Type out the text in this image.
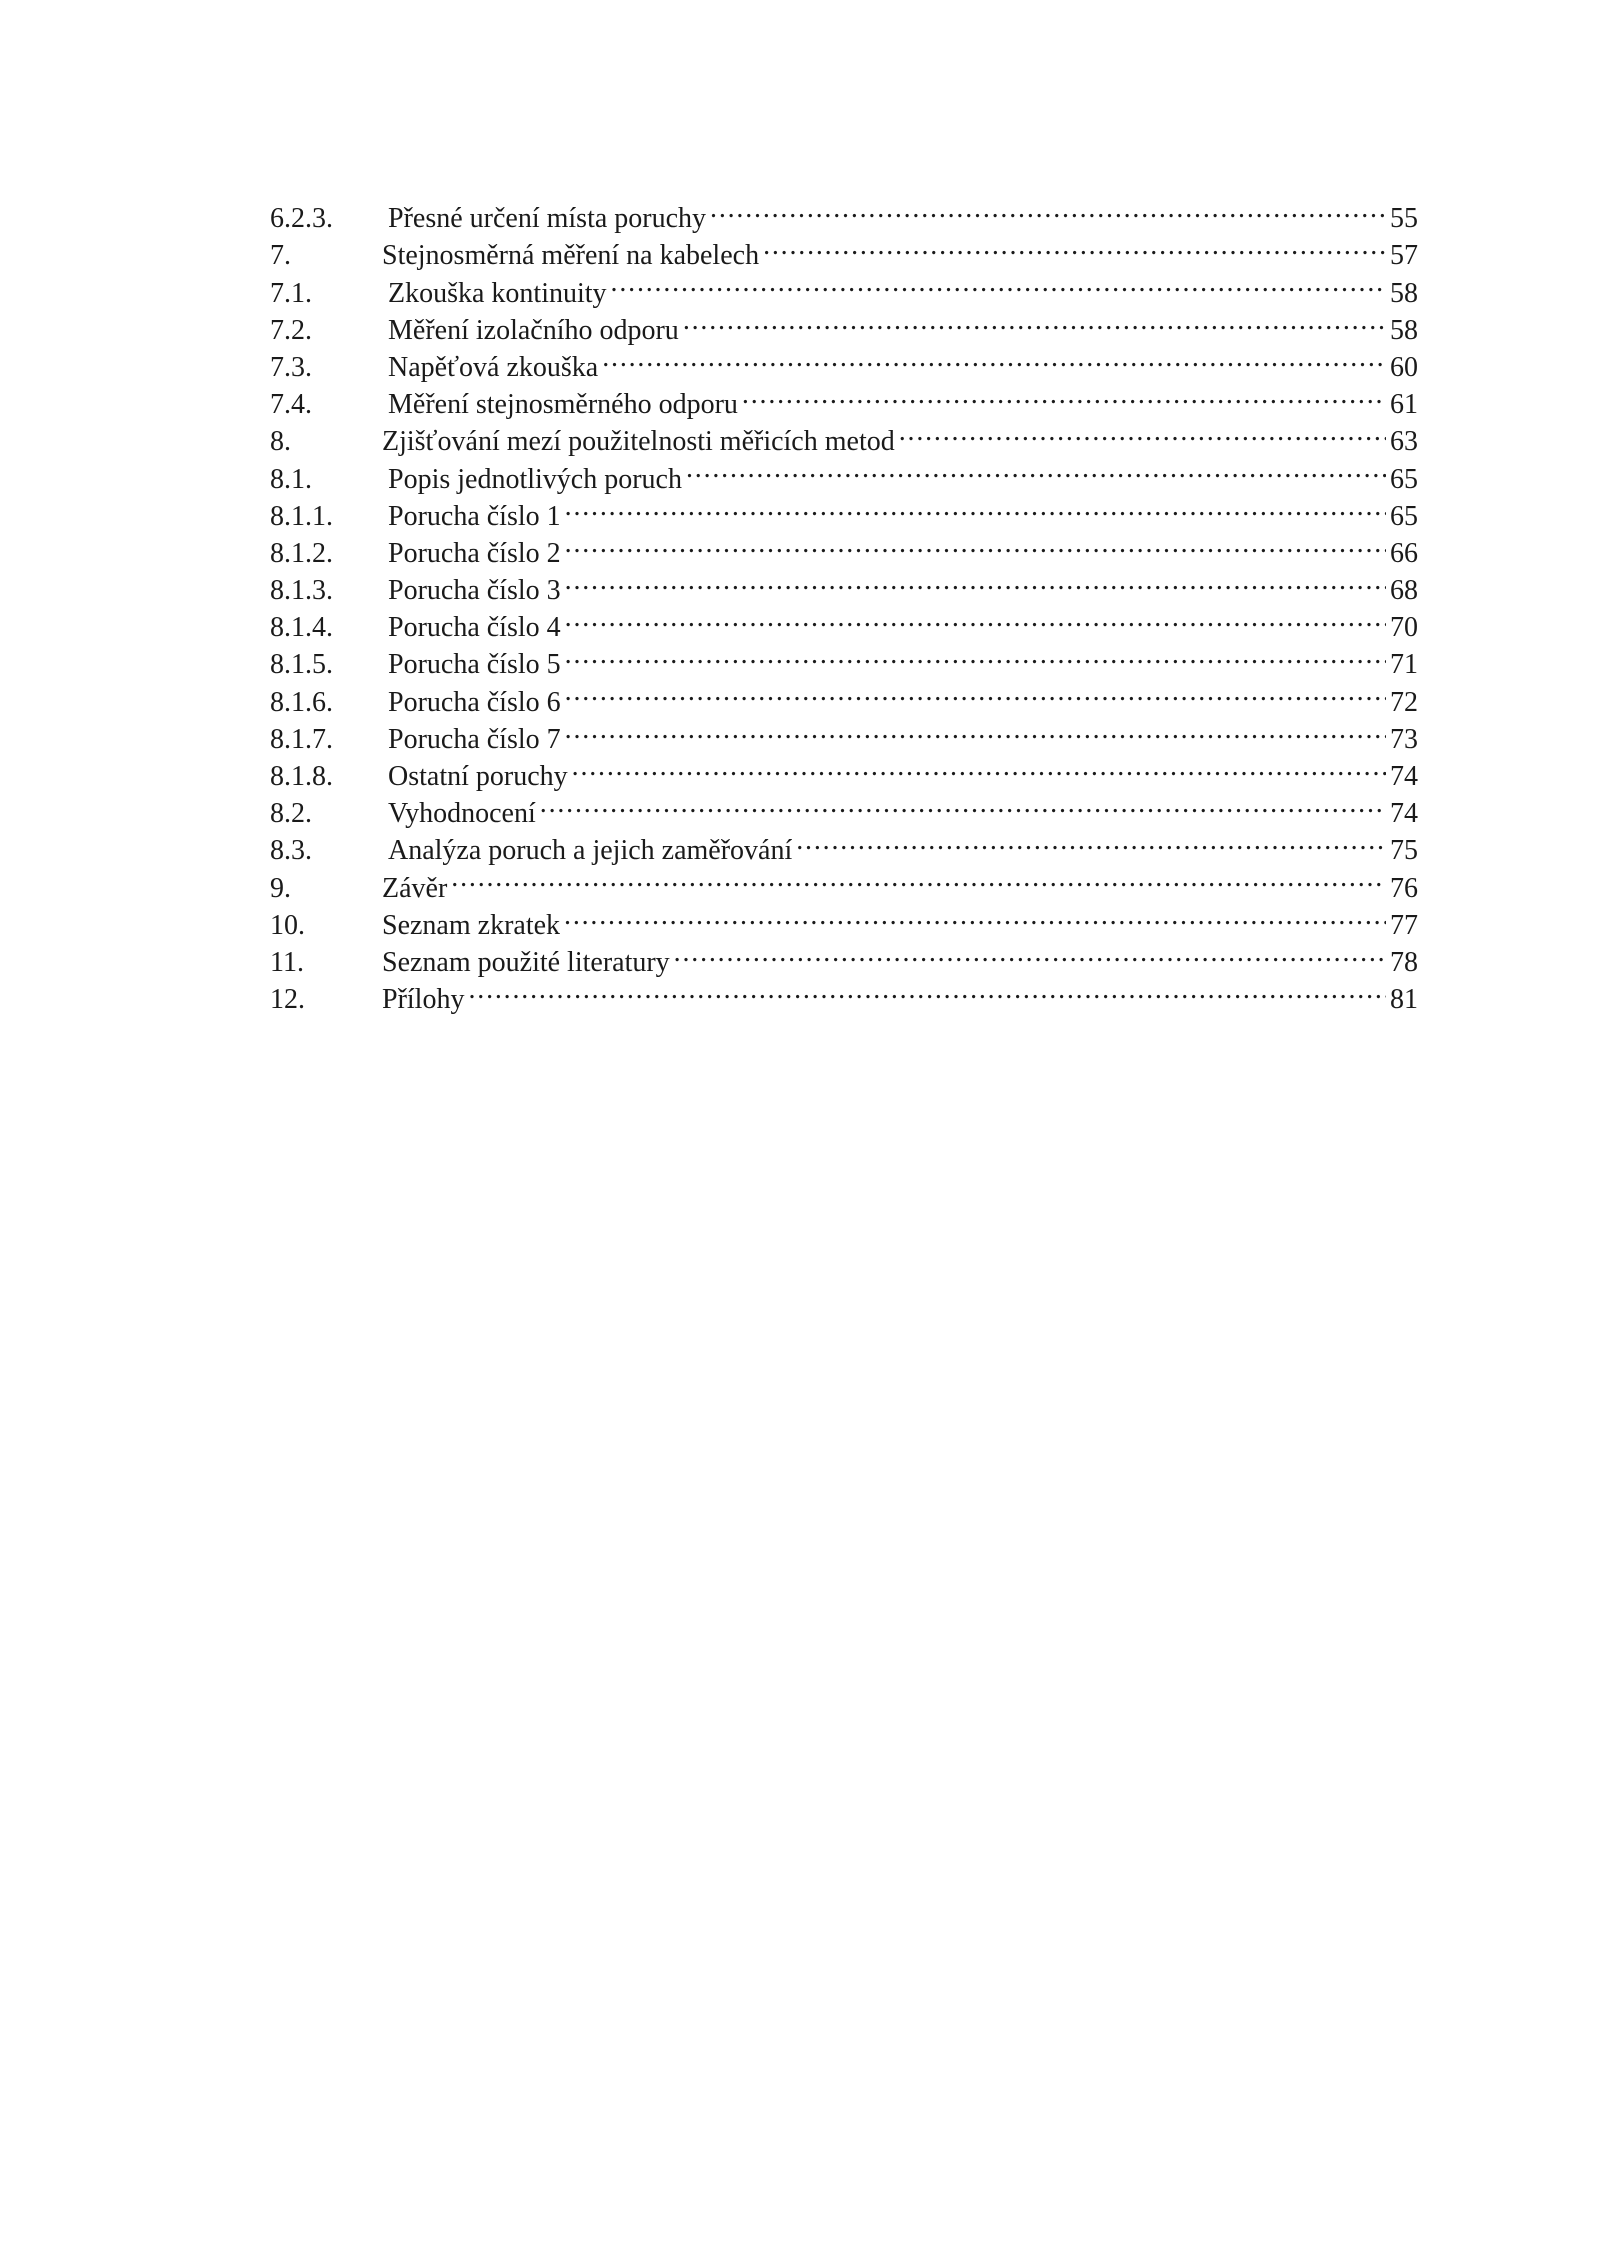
6.2.3.	Přesné určení místa poruchy . . .	55
7.	Stejnosměrná měření na kabelech . . .	57
7.1.	Zkouška kontinuity . . .	58
7.2.	Měření izolačního odporu . . .	58
7.3.	Napěťová zkouška . . .	60
7.4.	Měření stejnosměrného odporu . . .	61
8.	Zjišťování mezí použitelnosti měřicích metod . . .	63
8.1.	Popis jednotlivých poruch . . .	65
8.1.1.	Porucha číslo 1 . . .	65
8.1.2.	Porucha číslo 2 . . .	66
8.1.3.	Porucha číslo 3 . . .	68
8.1.4.	Porucha číslo 4 . . .	70
8.1.5.	Porucha číslo 5 . . .	71
8.1.6.	Porucha číslo 6 . . .	72
8.1.7.	Porucha číslo 7 . . .	73
8.1.8.	Ostatní poruchy . . .	74
8.2.	Vyhodnocení . . .	74
8.3.	Analýza poruch a jejich zaměřování . . .	75
9.	Závěr . . .	76
10.	Seznam zkratek . . .	77
11.	Seznam použité literatury . . .	78
12.	Přílohy . . .	81
